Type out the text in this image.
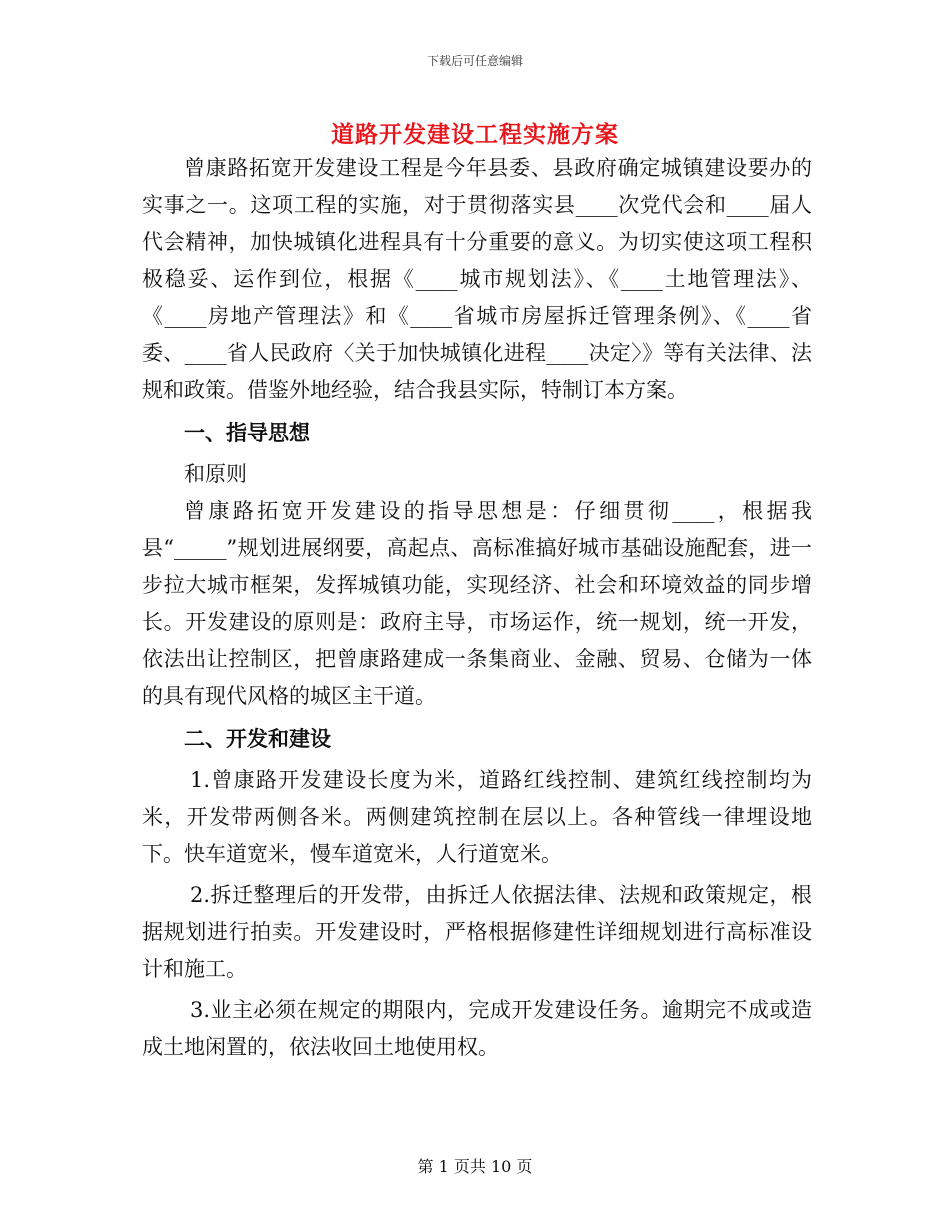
下载后可任意编辑
道路开发建设工程实施方案

曾康路拓宽开发建设工程是今年县委、县政府确定城镇建设要办的实事之一。这项工程的实施，对于贯彻落实县____次党代会和____届人代会精神，加快城镇化进程具有十分重要的意义。为切实使这项工程积极稳妥、运作到位，根据《____城市规划法》、《____土地管理法》、《____房地产管理法》和《____省城市房屋拆迁管理条例》、《____省委、____省人民政府〈关于加快城镇化进程____决定〉》等有关法律、法规和政策。借鉴外地经验，结合我县实际，特制订本方案。

一、指导思想

和原则

曾康路拓宽开发建设的指导思想是：仔细贯彻____，根据我县“_____”规划进展纲要，高起点、高标准搞好城市基础设施配套，进一步拉大城市框架，发挥城镇功能，实现经济、社会和环境效益的同步增长。开发建设的原则是：政府主导，市场运作，统一规划，统一开发，依法出让控制区，把曾康路建成一条集商业、金融、贸易、仓储为一体的具有现代风格的城区主干道。

二、开发和建设

1.曾康路开发建设长度为米，道路红线控制、建筑红线控制均为米，开发带两侧各米。两侧建筑控制在层以上。各种管线一律埋设地下。快车道宽米，慢车道宽米，人行道宽米。

2.拆迁整理后的开发带，由拆迁人依据法律、法规和政策规定，根据规划进行拍卖。开发建设时，严格根据修建性详细规划进行高标准设计和施工。

3.业主必须在规定的期限内，完成开发建设任务。逾期完不成或造成土地闲置的，依法收回土地使用权。

第 1 页共 10 页
